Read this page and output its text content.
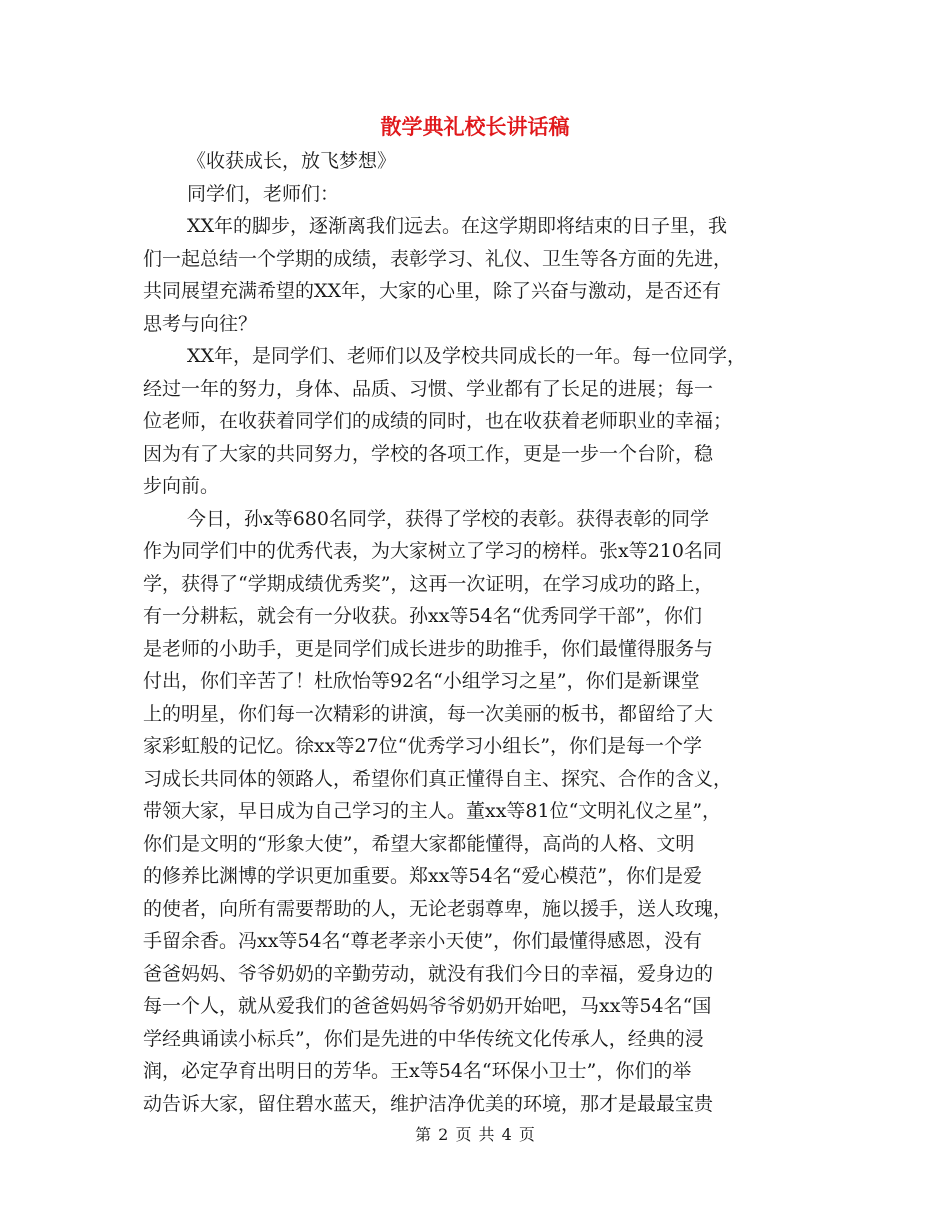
散学典礼校长讲话稿
《收获成长，放飞梦想》
同学们，老师们：
XX年的脚步，逐渐离我们远去。在这学期即将结束的日子里，我
们一起总结一个学期的成绩，表彰学习、礼仪、卫生等各方面的先进，
共同展望充满希望的XX年，大家的心里，除了兴奋与激动，是否还有
思考与向往？
XX年，是同学们、老师们以及学校共同成长的一年。每一位同学，
经过一年的努力，身体、品质、习惯、学业都有了长足的进展；每一
位老师，在收获着同学们的成绩的同时，也在收获着老师职业的幸福；
因为有了大家的共同努力，学校的各项工作，更是一步一个台阶，稳
步向前。
今日，孙x等680名同学，获得了学校的表彰。获得表彰的同学
作为同学们中的优秀代表，为大家树立了学习的榜样。张x等210名同
学，获得了“学期成绩优秀奖”，这再一次证明，在学习成功的路上，
有一分耕耘，就会有一分收获。孙xx等54名“优秀同学干部”，你们
是老师的小助手，更是同学们成长进步的助推手，你们最懂得服务与
付出，你们辛苦了！杜欣怡等92名“小组学习之星”，你们是新课堂
上的明星，你们每一次精彩的讲演，每一次美丽的板书，都留给了大
家彩虹般的记忆。徐xx等27位“优秀学习小组长”，你们是每一个学
习成长共同体的领路人，希望你们真正懂得自主、探究、合作的含义，
带领大家，早日成为自己学习的主人。董xx等81位“文明礼仪之星”，
你们是文明的“形象大使”，希望大家都能懂得，高尚的人格、文明
的修养比渊博的学识更加重要。郑xx等54名“爱心模范”，你们是爱
的使者，向所有需要帮助的人，无论老弱尊卑，施以援手，送人玫瑰，
手留余香。冯xx等54名“尊老孝亲小天使”，你们最懂得感恩，没有
爸爸妈妈、爷爷奶奶的辛勤劳动，就没有我们今日的幸福，爱身边的
每一个人，就从爱我们的爸爸妈妈爷爷奶奶开始吧，马xx等54名“国
学经典诵读小标兵”，你们是先进的中华传统文化传承人，经典的浸
润，必定孕育出明日的芳华。王x等54名“环保小卫士”，你们的举
动告诉大家，留住碧水蓝天，维护洁净优美的环境，那才是最最宝贵
第 2 页 共 4 页
